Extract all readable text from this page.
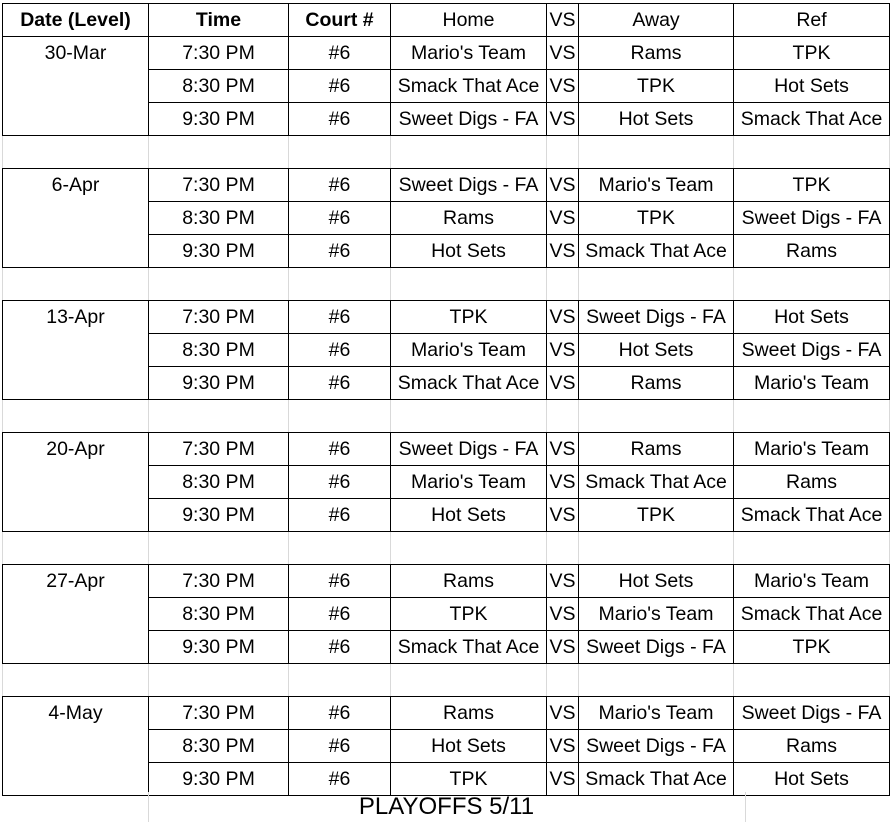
Date (Level)	Time	Court #	Home	VS	Away	Ref
30-Mar	7:30 PM	#6	Mario's Team	VS	Rams	TPK
	8:30 PM	#6	Smack That Ace	VS	TPK	Hot Sets
	9:30 PM	#6	Sweet Digs - FA	VS	Hot Sets	Smack That Ace

6-Apr	7:30 PM	#6	Sweet Digs - FA	VS	Mario's Team	TPK
	8:30 PM	#6	Rams	VS	TPK	Sweet Digs - FA
	9:30 PM	#6	Hot Sets	VS	Smack That Ace	Rams

13-Apr	7:30 PM	#6	TPK	VS	Sweet Digs - FA	Hot Sets
	8:30 PM	#6	Mario's Team	VS	Hot Sets	Sweet Digs - FA
	9:30 PM	#6	Smack That Ace	VS	Rams	Mario's Team

20-Apr	7:30 PM	#6	Sweet Digs - FA	VS	Rams	Mario's Team
	8:30 PM	#6	Mario's Team	VS	Smack That Ace	Rams
	9:30 PM	#6	Hot Sets	VS	TPK	Smack That Ace

27-Apr	7:30 PM	#6	Rams	VS	Hot Sets	Mario's Team
	8:30 PM	#6	TPK	VS	Mario's Team	Smack That Ace
	9:30 PM	#6	Smack That Ace	VS	Sweet Digs - FA	TPK

4-May	7:30 PM	#6	Rams	VS	Mario's Team	Sweet Digs - FA
	8:30 PM	#6	Hot Sets	VS	Sweet Digs - FA	Rams
	9:30 PM	#6	TPK	VS	Smack That Ace	Hot Sets
PLAYOFFS 5/11
